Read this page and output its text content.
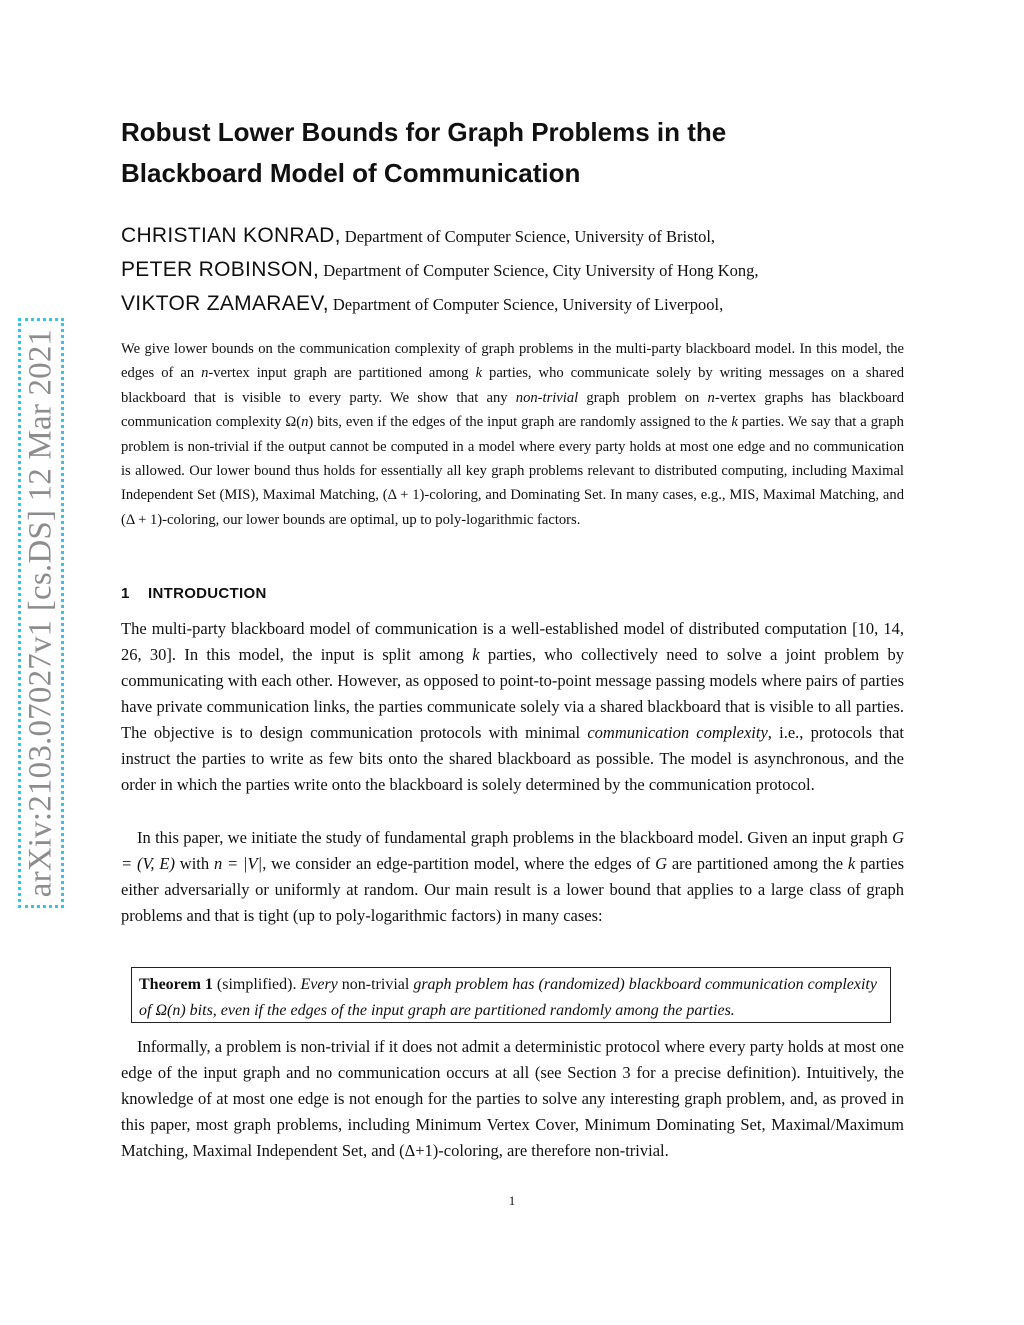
arXiv:2103.07027v1 [cs.DS] 12 Mar 2021
Robust Lower Bounds for Graph Problems in the
Blackboard Model of Communication
CHRISTIAN KONRAD, Department of Computer Science, University of Bristol,
PETER ROBINSON, Department of Computer Science, City University of Hong Kong,
VIKTOR ZAMARAEV, Department of Computer Science, University of Liverpool,

We give lower bounds on the communication complexity of graph problems in the multi-party blackboard model. In this model, the edges of an n-vertex input graph are partitioned among k parties, who communicate solely by writing messages on a shared blackboard that is visible to every party. We show that any non-trivial graph problem on n-vertex graphs has blackboard communication complexity Ω(n) bits, even if the edges of the input graph are randomly assigned to the k parties. We say that a graph problem is non-trivial if the output cannot be computed in a model where every party holds at most one edge and no communication is allowed. Our lower bound thus holds for essentially all key graph problems relevant to distributed computing, including Maximal Independent Set (MIS), Maximal Matching, (Δ + 1)-coloring, and Dominating Set. In many cases, e.g., MIS, Maximal Matching, and (Δ + 1)-coloring, our lower bounds are optimal, up to poly-logarithmic factors.

1 INTRODUCTION

The multi-party blackboard model of communication is a well-established model of distributed computation [10, 14, 26, 30]. In this model, the input is split among k parties, who collectively need to solve a joint problem by communicating with each other. However, as opposed to point-to-point message passing models where pairs of parties have private communication links, the parties communicate solely via a shared blackboard that is visible to all parties. The objective is to design communication protocols with minimal communication complexity, i.e., protocols that instruct the parties to write as few bits onto the shared blackboard as possible. The model is asynchronous, and the order in which the parties write onto the blackboard is solely determined by the communication protocol.

In this paper, we initiate the study of fundamental graph problems in the blackboard model. Given an input graph G = (V, E) with n = |V|, we consider an edge-partition model, where the edges of G are partitioned among the k parties either adversarially or uniformly at random. Our main result is a lower bound that applies to a large class of graph problems and that is tight (up to poly-logarithmic factors) in many cases:

Theorem 1 (simplified). Every non-trivial graph problem has (randomized) blackboard communication complexity of Ω(n) bits, even if the edges of the input graph are partitioned randomly among the parties.

Informally, a problem is non-trivial if it does not admit a deterministic protocol where every party holds at most one edge of the input graph and no communication occurs at all (see Section 3 for a precise definition). Intuitively, the knowledge of at most one edge is not enough for the parties to solve any interesting graph problem, and, as proved in this paper, most graph problems, including Minimum Vertex Cover, Minimum Dominating Set, Maximal/Maximum Matching, Maximal Independent Set, and (Δ+1)-coloring, are therefore non-trivial.

1
